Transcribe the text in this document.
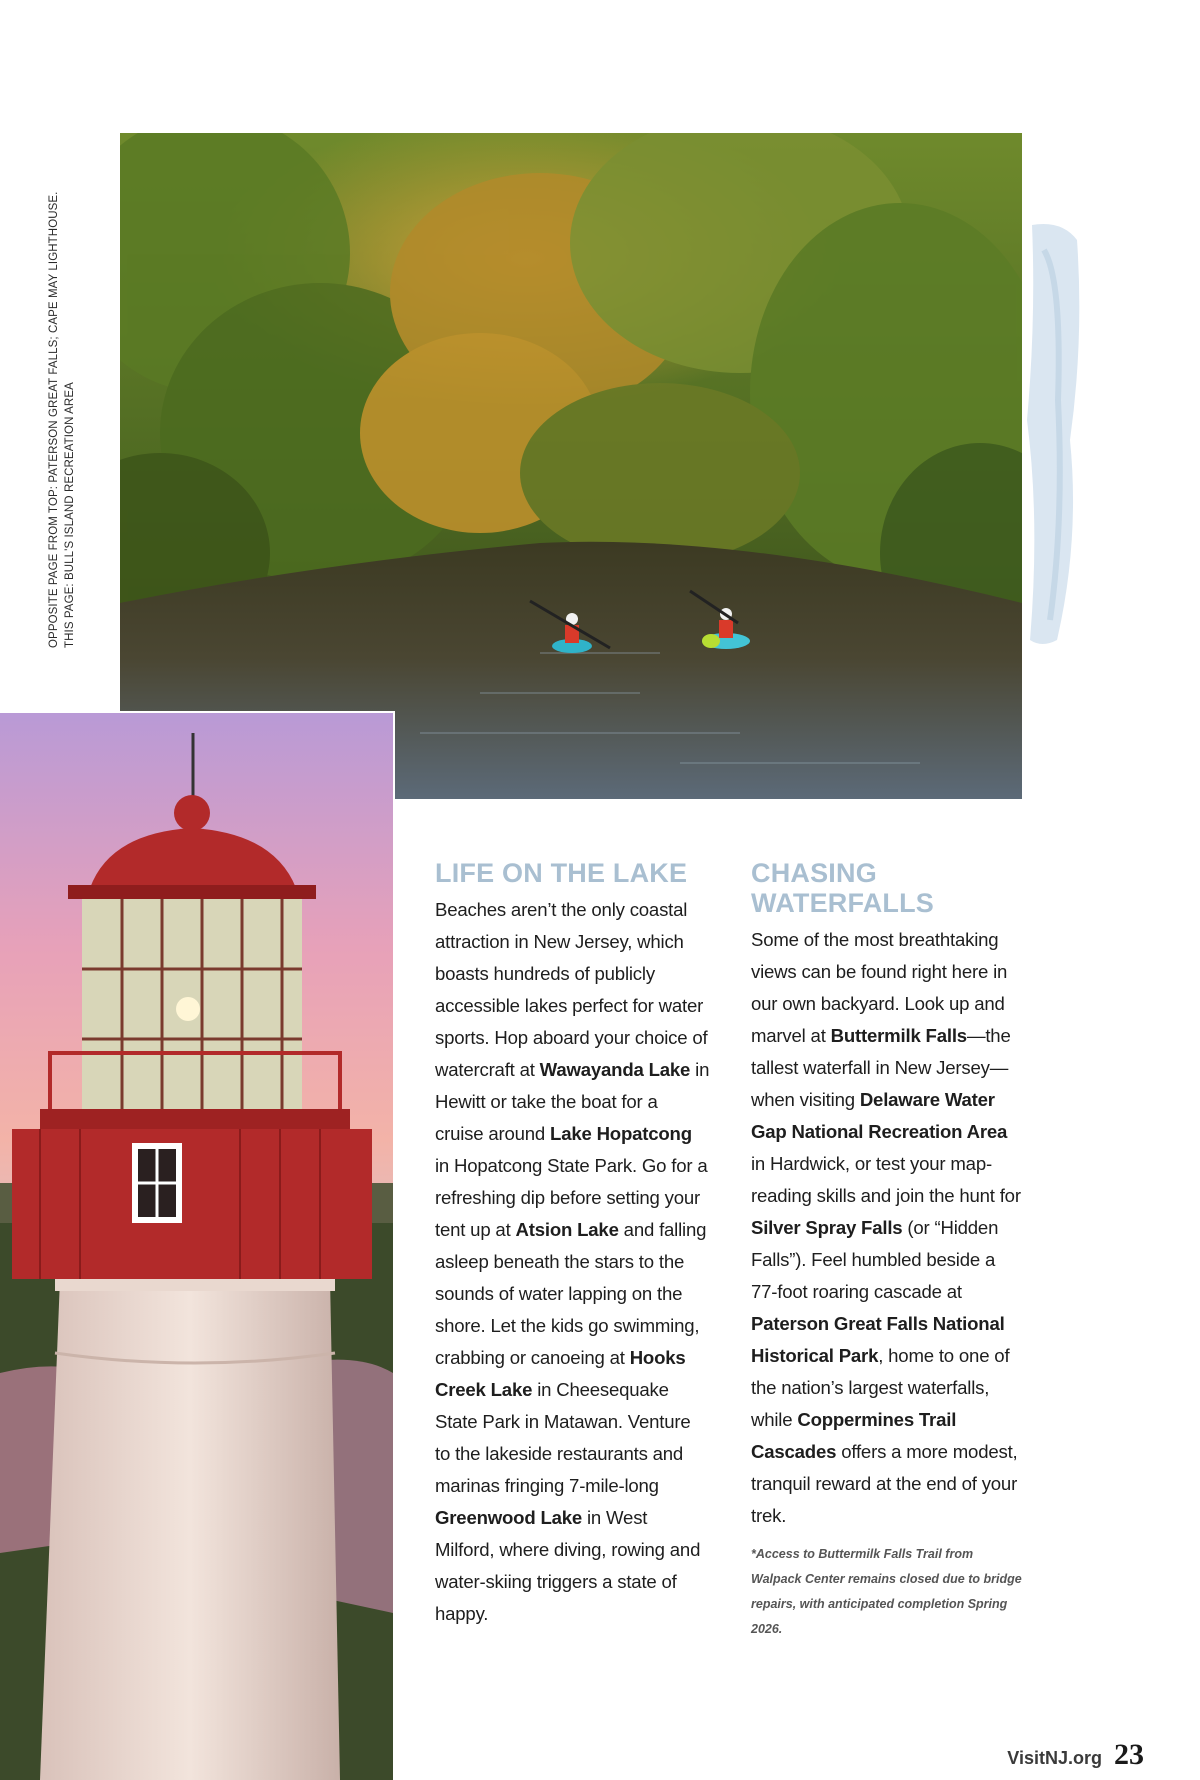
OPPOSITE PAGE FROM TOP: PATERSON GREAT FALLS; CAPE MAY LIGHTHOUSE. THIS PAGE: BULL'S ISLAND RECREATION AREA
LIFE ON THE LAKE

Beaches aren’t the only coastal attraction in New Jersey, which boasts hundreds of publicly accessible lakes perfect for water sports. Hop aboard your choice of watercraft at Wawayanda Lake in Hewitt or take the boat for a cruise around Lake Hopatcong in Hopatcong State Park. Go for a refreshing dip before setting your tent up at Atsion Lake and falling asleep beneath the stars to the sounds of water lapping on the shore. Let the kids go swimming, crabbing or canoeing at Hooks Creek Lake in Cheesequake State Park in Matawan. Venture to the lakeside restaurants and marinas fringing 7-mile-long Greenwood Lake in West Milford, where diving, rowing and water-skiing triggers a state of happy.

CHASING WATERFALLS

Some of the most breathtaking views can be found right here in our own backyard. Look up and marvel at Buttermilk Falls—the tallest waterfall in New Jersey—when visiting Delaware Water Gap National Recreation Area in Hardwick, or test your map-reading skills and join the hunt for Silver Spray Falls (or “Hidden Falls”). Feel humbled beside a 77-foot roaring cascade at Paterson Great Falls National Historical Park, home to one of the nation’s largest waterfalls, while Coppermines Trail Cascades offers a more modest, tranquil reward at the end of your trek.

*Access to Buttermilk Falls Trail from Walpack Center remains closed due to bridge repairs, with anticipated completion Spring 2026.

VisitNJ.org 23
